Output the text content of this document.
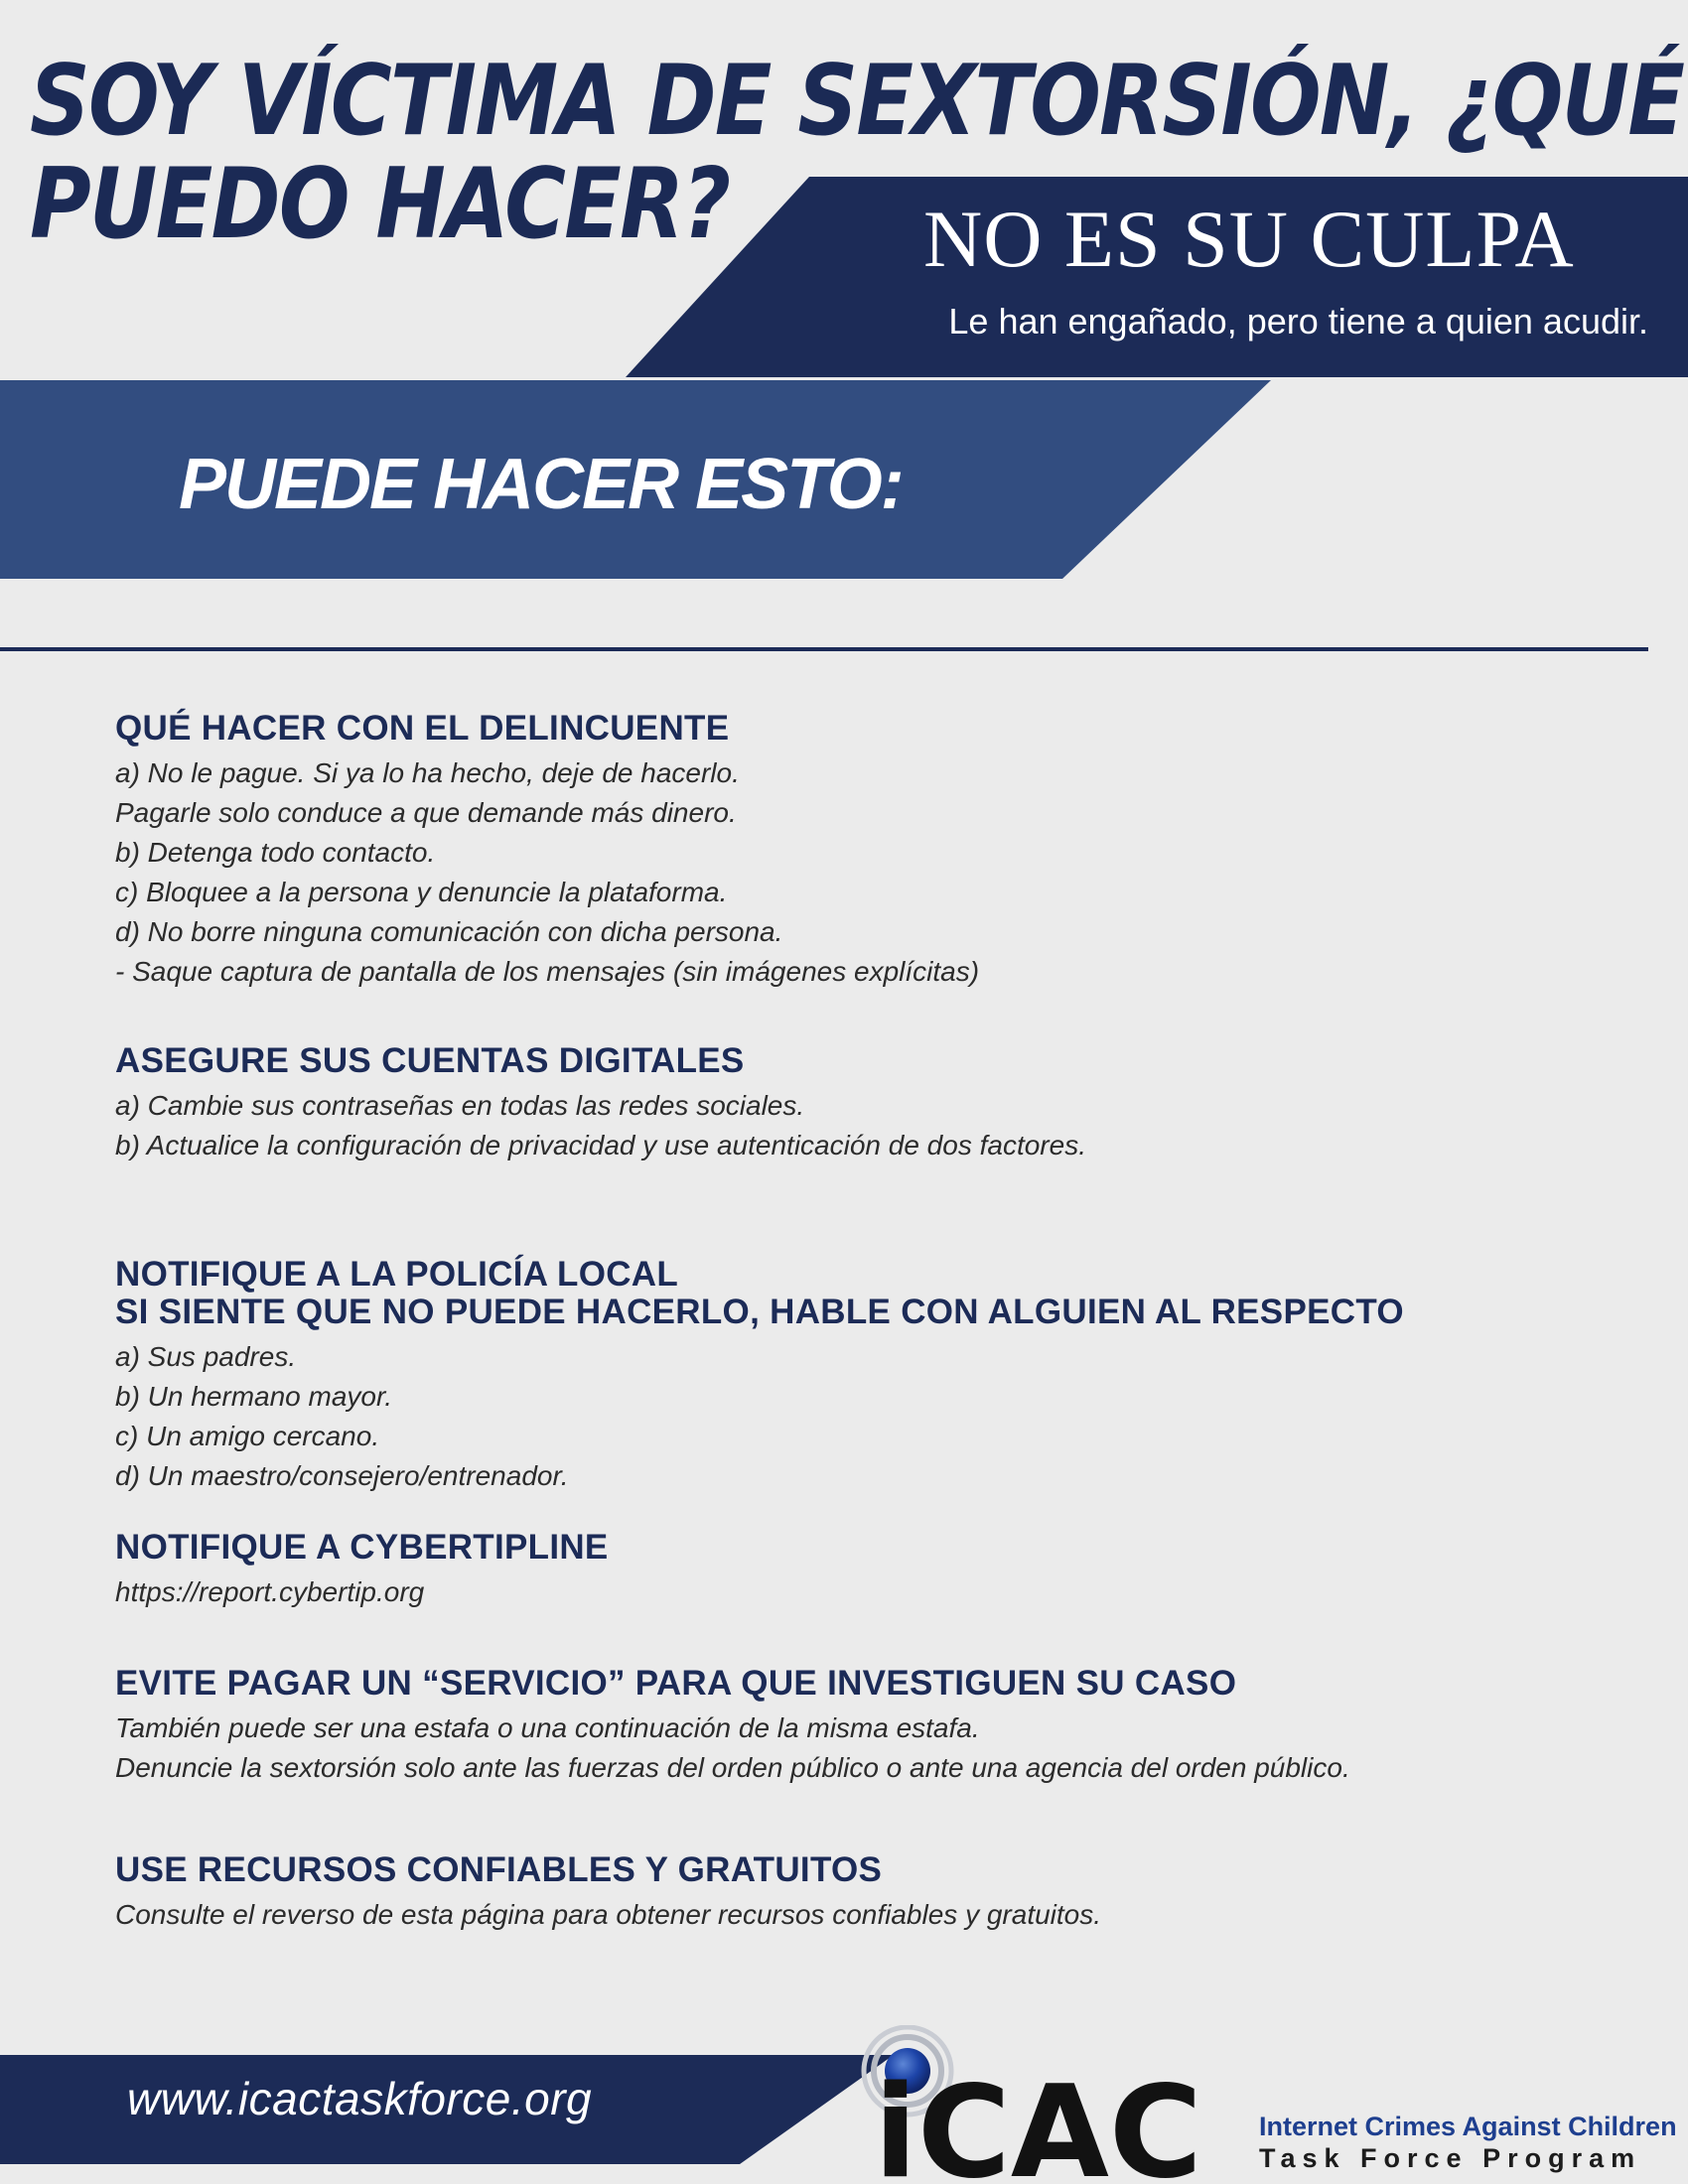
SOY VÍCTIMA DE SEXTORSIÓN, ¿QUÉ
PUEDO HACER?	NO ES SU CULPA
Le han engañado, pero tiene a quien acudir.
PUEDE HACER ESTO:
QUÉ HACER CON EL DELINCUENTE
a) No le pague. Si ya lo ha hecho, deje de hacerlo.
Pagarle solo conduce a que demande más dinero.
b) Detenga todo contacto.
c) Bloquee a la persona y denuncie la plataforma.
d) No borre ninguna comunicación con dicha persona.
- Saque captura de pantalla de los mensajes (sin imágenes explícitas)
ASEGURE SUS CUENTAS DIGITALES
a) Cambie sus contraseñas en todas las redes sociales.
b) Actualice la configuración de privacidad y use autenticación de dos factores.
NOTIFIQUE A LA POLICÍA LOCAL
SI SIENTE QUE NO PUEDE HACERLO, HABLE CON ALGUIEN AL RESPECTO
a) Sus padres.
b) Un hermano mayor.
c) Un amigo cercano.
d) Un maestro/consejero/entrenador.
NOTIFIQUE A CYBERTIPLINE
https://report.cybertip.org
EVITE PAGAR UN “SERVICIO” PARA QUE INVESTIGUEN SU CASO
También puede ser una estafa o una continuación de la misma estafa.
Denuncie la sextorsión solo ante las fuerzas del orden público o ante una agencia del orden público.
USE RECURSOS CONFIABLES Y GRATUITOS
Consulte el reverso de esta página para obtener recursos confiables y gratuitos.
www.icactaskforce.org iCAC Internet Crimes Against Children
Task Force Program
